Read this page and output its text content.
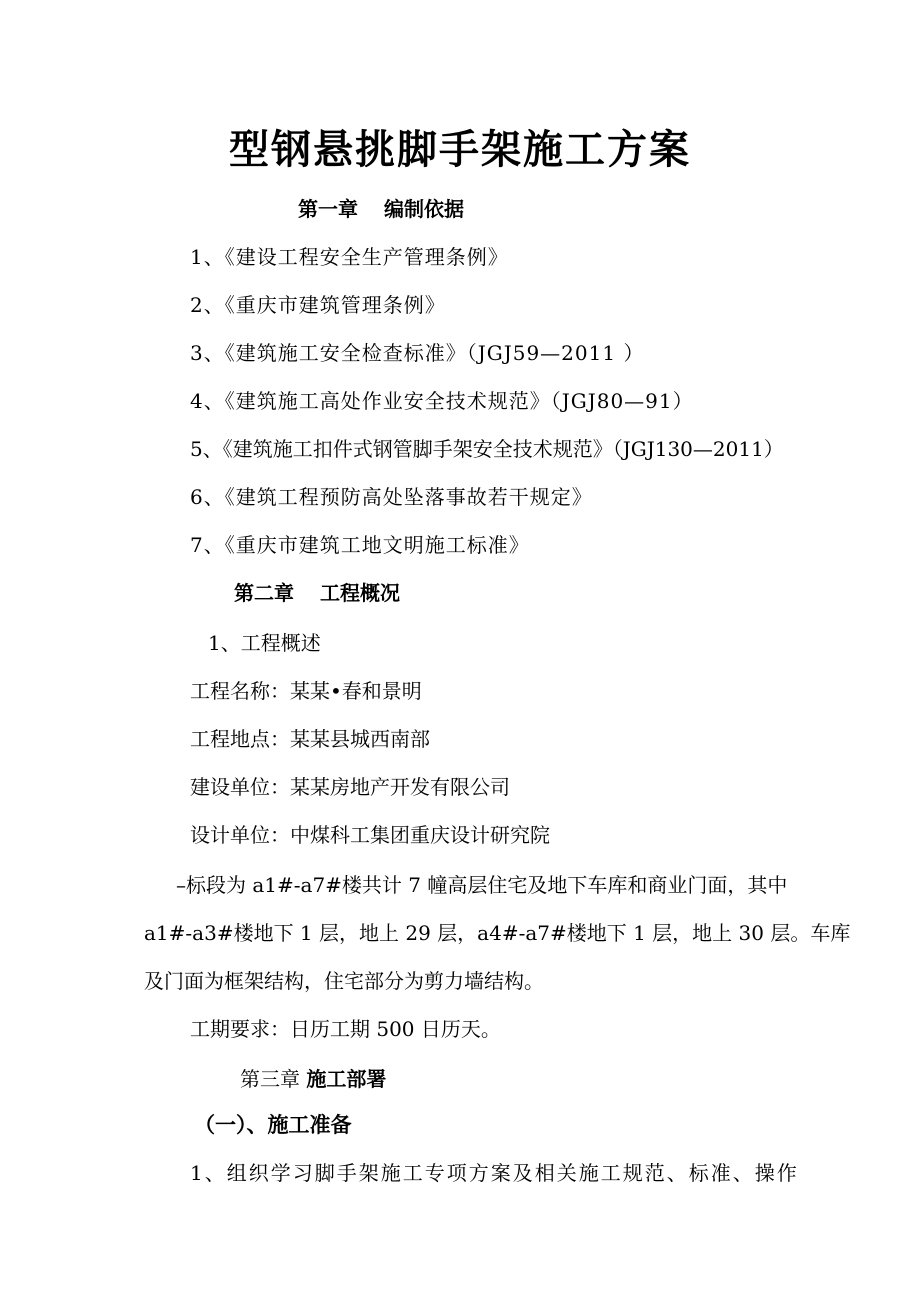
型钢悬挑脚手架施工方案
第一章 编制依据
1、《建设工程安全生产管理条例》
2、《重庆市建筑管理条例》
3、《建筑施工安全检查标准》（JGJ59—2011 ）
4、《建筑施工高处作业安全技术规范》（JGJ80—91）
5、《建筑施工扣件式钢管脚手架安全技术规范》（JGJ130—2011）
6、《建筑工程预防高处坠落事故若干规定》
7、《重庆市建筑工地文明施工标准》
第二章 工程概况
1、工程概述
工程名称：某某•春和景明
工程地点：某某县城西南部
建设单位：某某房地产开发有限公司
设计单位：中煤科工集团重庆设计研究院
–标段为 a1#-a7#楼共计 7 幢高层住宅及地下车库和商业门面，其中
a1#-a3#楼地下 1 层，地上 29 层，a4#-a7#楼地下 1 层，地上 30 层。车库
及门面为框架结构，住宅部分为剪力墙结构。
工期要求：日历工期 500 日历天。
第三章 施工部署
（一）、施工准备
1、组织学习脚手架施工专项方案及相关施工规范、标准、操作
